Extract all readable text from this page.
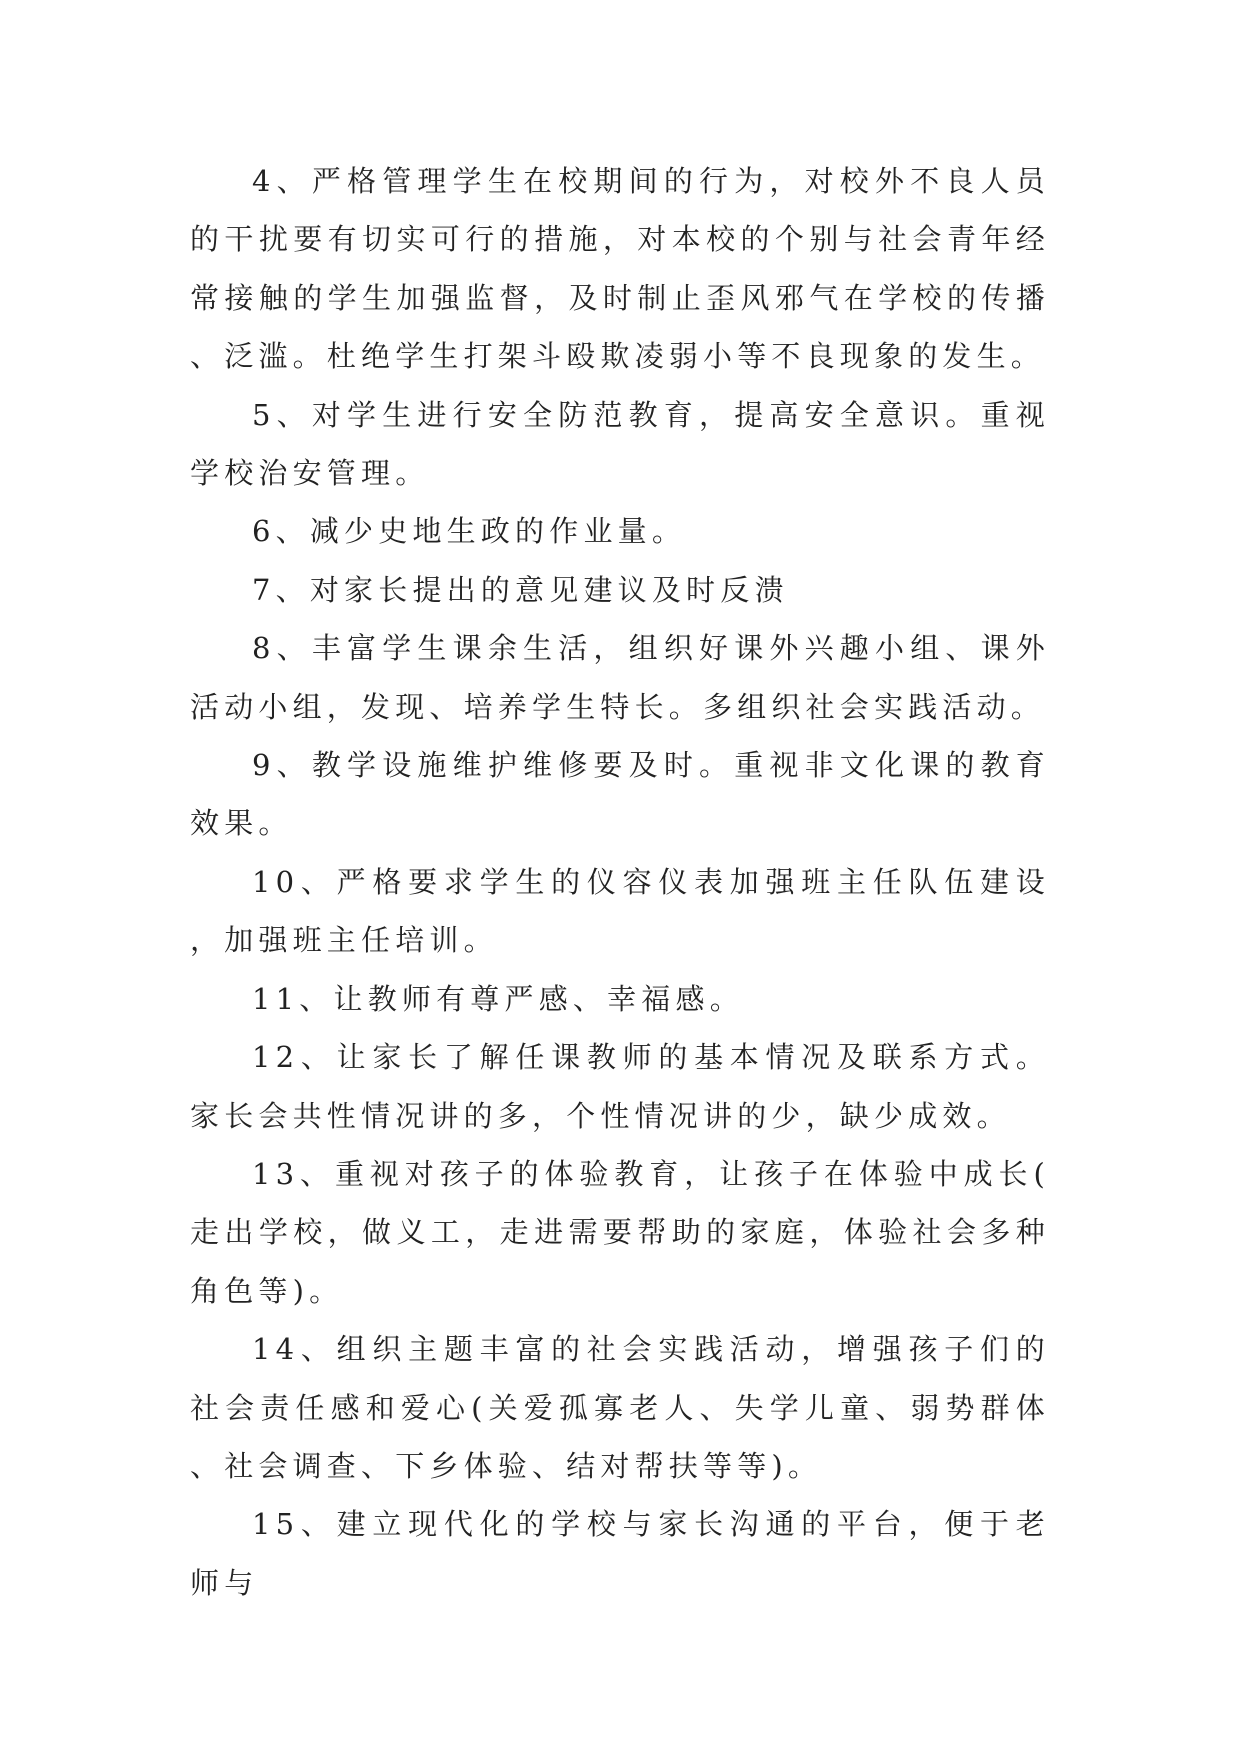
4、严格管理学生在校期间的行为，对校外不良人员的干扰要有切实可行的措施，对本校的个别与社会青年经常接触的学生加强监督，及时制止歪风邪气在学校的传播、泛滥。杜绝学生打架斗殴欺凌弱小等不良现象的发生。

5、对学生进行安全防范教育，提高安全意识。重视学校治安管理。

6、减少史地生政的作业量。

7、对家长提出的意见建议及时反溃

8、丰富学生课余生活，组织好课外兴趣小组、课外活动小组，发现、培养学生特长。多组织社会实践活动。

9、教学设施维护维修要及时。重视非文化课的教育效果。

10、严格要求学生的仪容仪表加强班主任队伍建设，加强班主任培训。

11、让教师有尊严感、幸福感。

12、让家长了解任课教师的基本情况及联系方式。家长会共性情况讲的多，个性情况讲的少，缺少成效。

13、重视对孩子的体验教育，让孩子在体验中成长(走出学校，做义工，走进需要帮助的家庭，体验社会多种角色等)。

14、组织主题丰富的社会实践活动，增强孩子们的社会责任感和爱心(关爱孤寡老人、失学儿童、弱势群体、社会调查、下乡体验、结对帮扶等等)。

15、建立现代化的学校与家长沟通的平台，便于老师与
